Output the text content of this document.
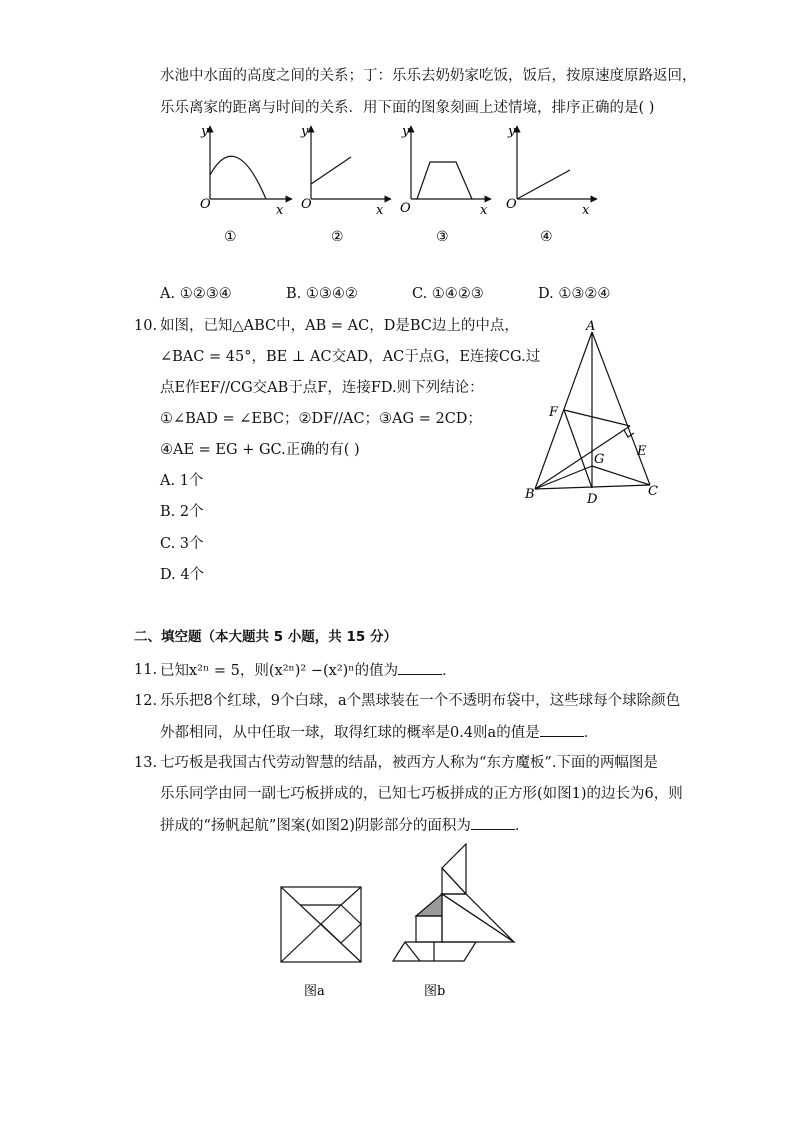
水池中水面的高度之间的关系；丁：乐乐去奶奶家吃饭，饭后，按原速度原路返回，
乐乐离家的距离与时间的关系．用下面的图象刻画上述情境，排序正确的是( )
y
O	x
y
O	x
y
O	x
y
O	x
①	②	③	④
A. ①②③④	B. ①③④②	C. ①④②③	D. ①③②④
10. 如图，已知△ABC中，AB = AC，D是BC边上的中点，
∠BAC = 45°，BE ⊥ AC交AD，AC于点G，E连接CG.过
点E作EF//CG交AB于点F，连接FD.则下列结论：
①∠BAD = ∠EBC；②DF//AC；③AG = 2CD；
④AE = EG + GC.正确的有( )
A. 1个
B. 2个
C. 3个
D. 4个
A
F
E
G
B	D
C
二、填空题（本大题共 5 小题，共 15 分）
11. 已知x²ⁿ = 5，则(x²ⁿ)² −(x²)ⁿ的值为	．
12. 乐乐把8个红球，9个白球，a个黑球装在一个不透明布袋中，这些球每个球除颜色
外都相同，从中任取一球，取得红球的概率是0.4则a的值是	．
13. 七巧板是我国古代劳动智慧的结晶，被西方人称为“东方魔板”.下面的两幅图是
乐乐同学由同一副七巧板拼成的，已知七巧板拼成的正方形(如图1)的边长为6，则
拼成的“扬帆起航”图案(如图2)阴影部分的面积为	．
图a	图b
